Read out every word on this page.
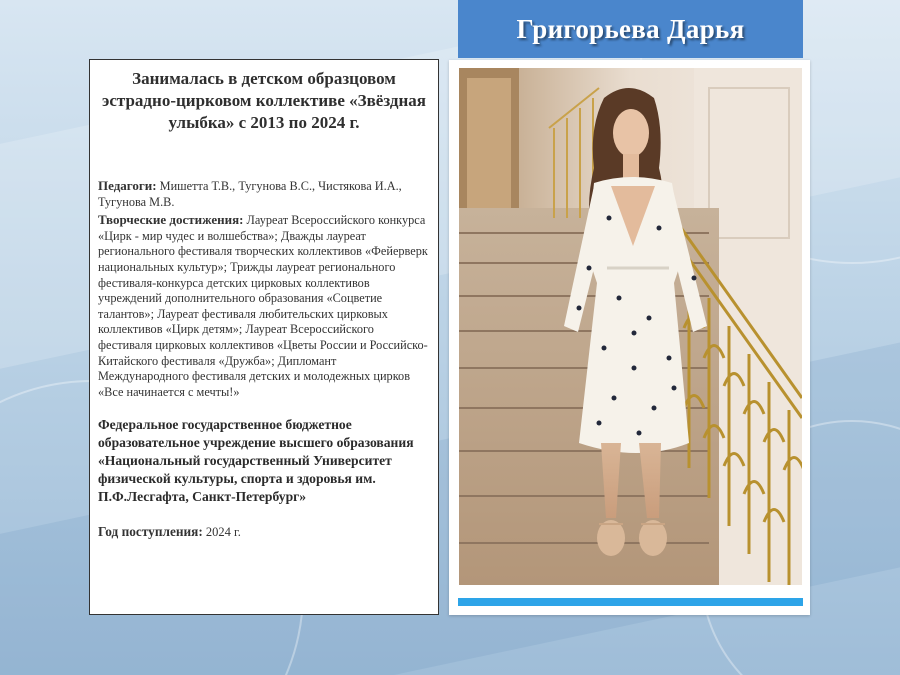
Занималась в детском образцовом эстрадно-цирковом коллективе «Звёздная улыбка» с 2013 по 2024 г.

Педагоги: Мишетта Т.В., Тугунова В.С., Чистякова И.А., Тугунова М.В.

Творческие достижения: Лауреат Всероссийского конкурса «Цирк - мир чудес и волшебства»; Дважды лауреат регионального фестиваля творческих коллективов «Фейерверк национальных культур»; Трижды лауреат регионального фестиваля-конкурса детских цирковых коллективов учреждений дополнительного образования «Соцветие талантов»; Лауреат фестиваля любительских цирковых коллективов «Цирк детям»; Лауреат Всероссийского фестиваля цирковых коллективов «Цветы России и Российско-Китайского фестиваля «Дружба»; Дипломант Международного фестиваля детских и молодежных цирков «Все начинается с мечты!»

Федеральное государственное бюджетное образовательное учреждение высшего образования «Национальный государственный Университет физической культуры, спорта и здоровья им. П.Ф.Лесгафта, Санкт-Петербург»

Год поступления: 2024 г.

Григорьева Дарья
